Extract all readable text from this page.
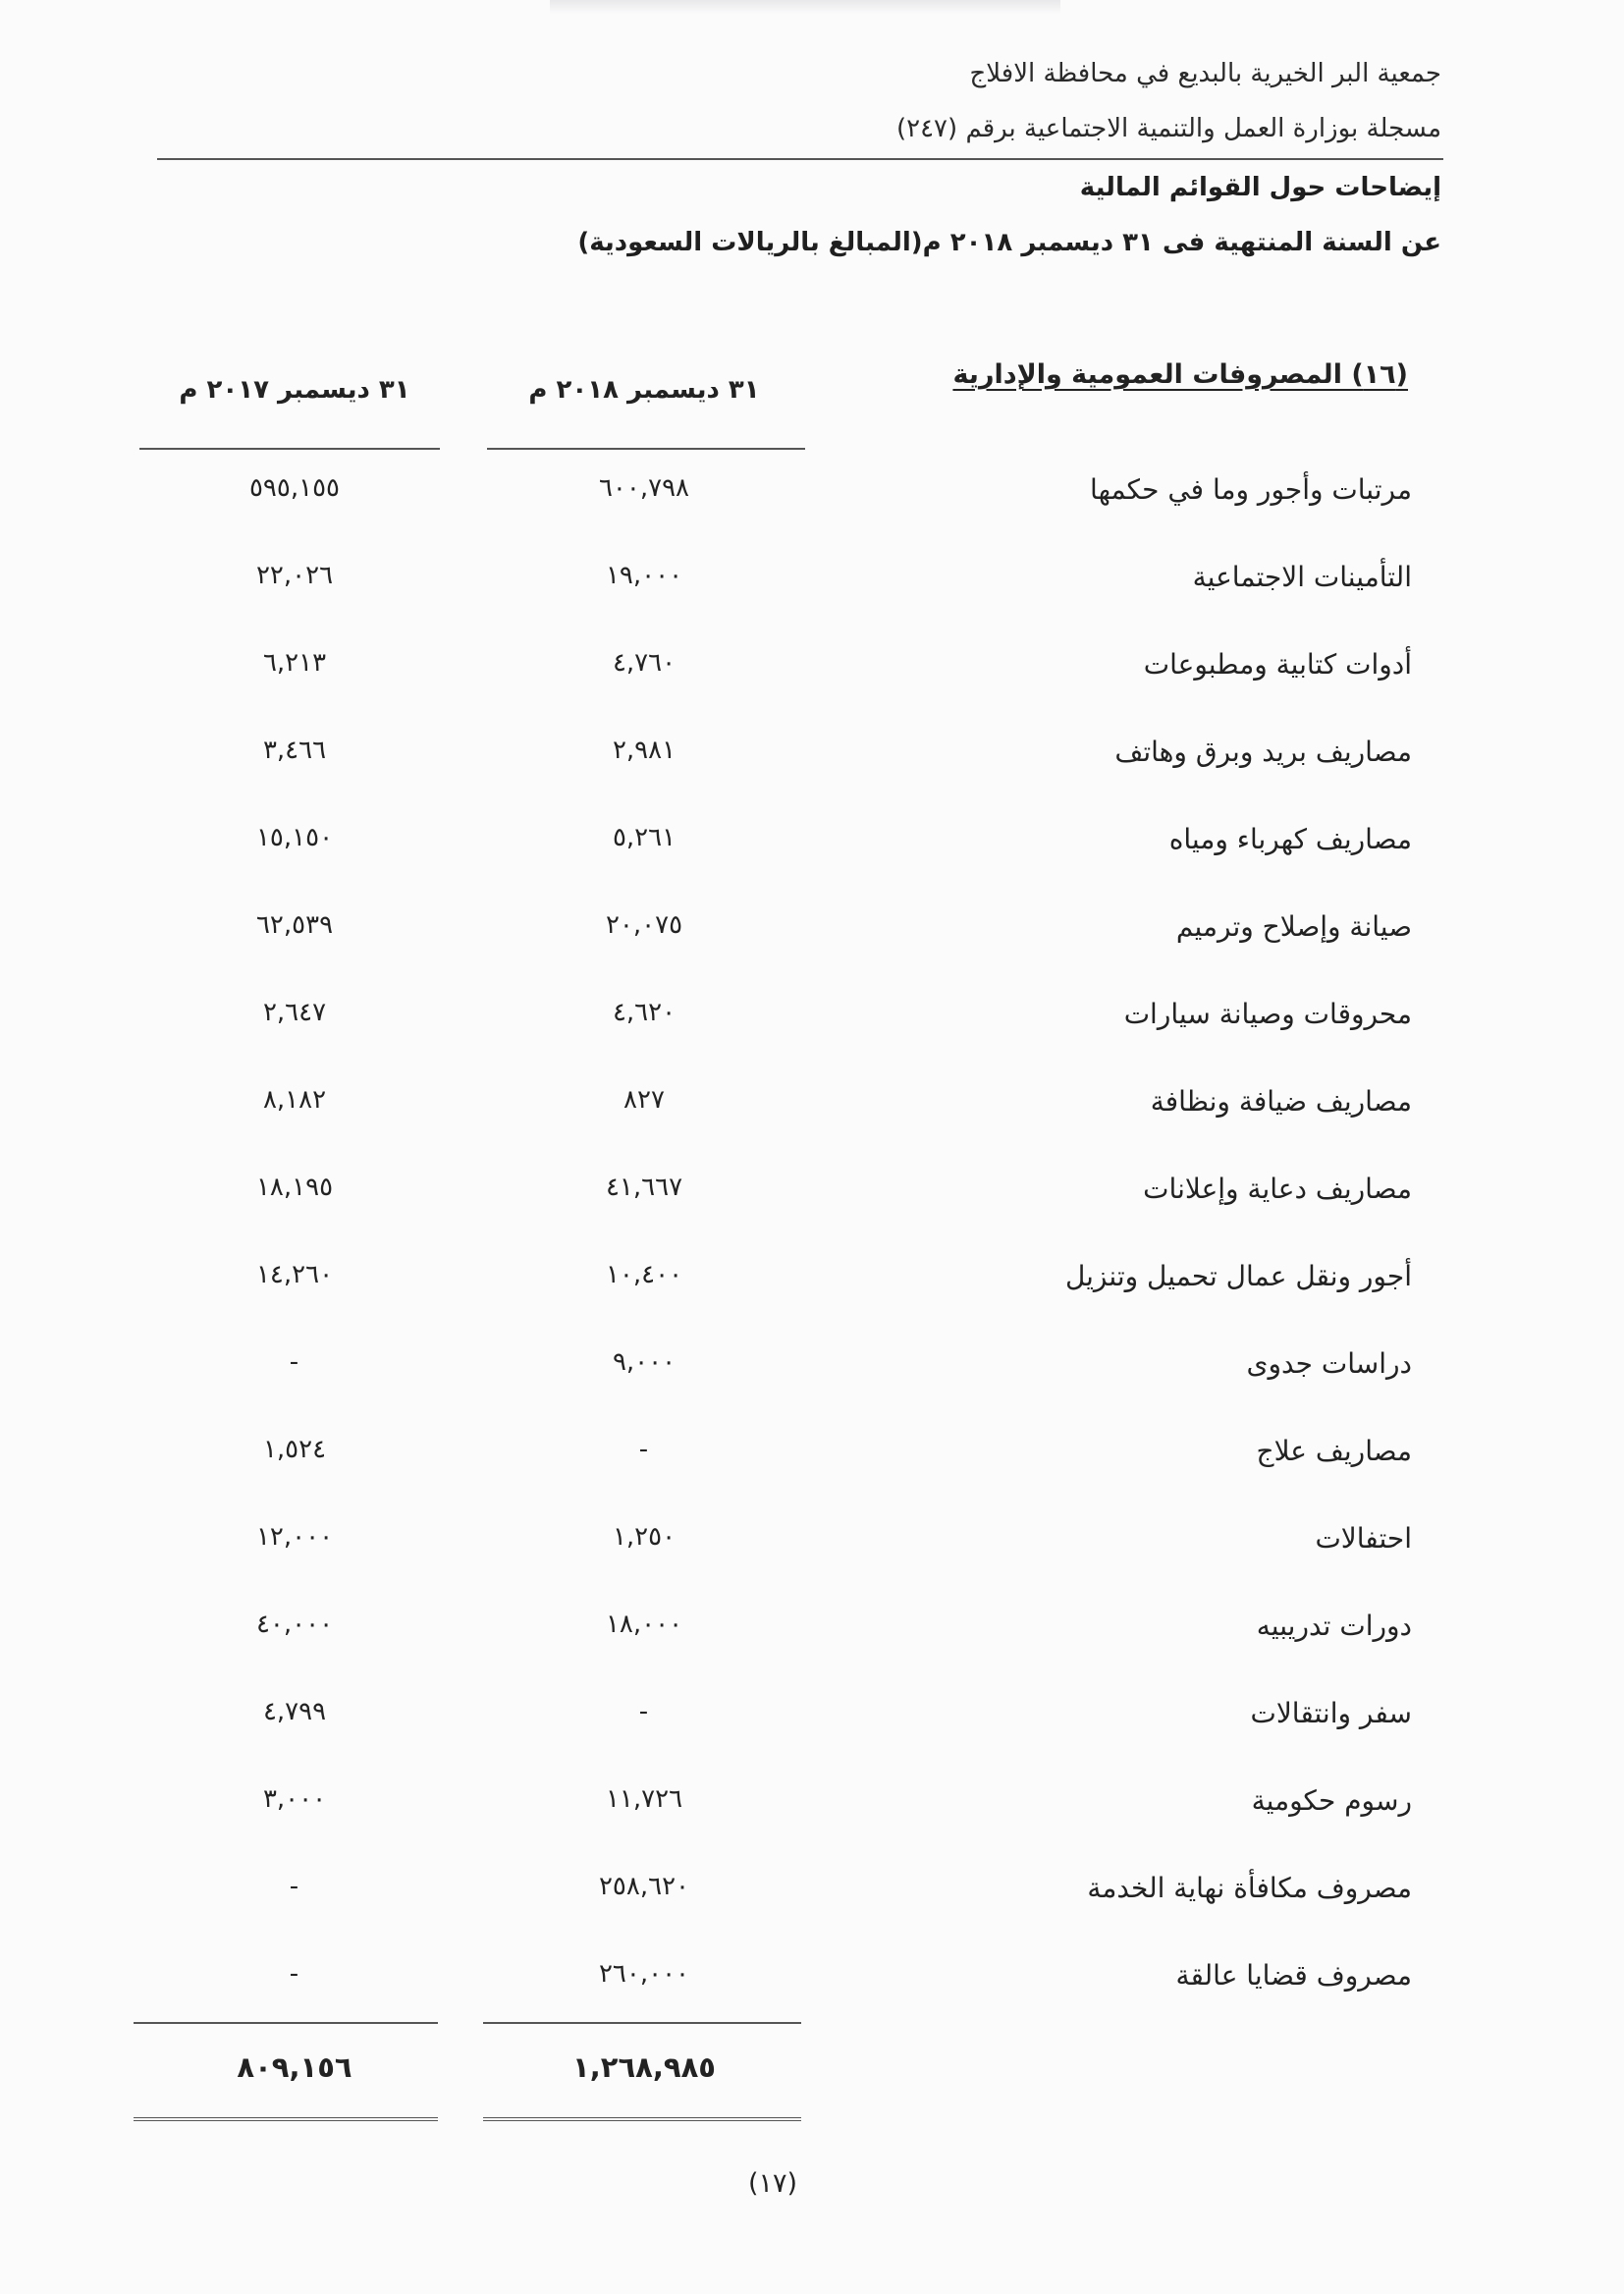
جمعية البر الخيرية بالبديع في محافظة الافلاج
مسجلة بوزارة العمل والتنمية الاجتماعية برقم (٢٤٧)
إيضاحات حول القوائم المالية
عن السنة المنتهية فى ٣١ ديسمبر ٢٠١٨ م(المبالغ بالريالات السعودية)
(١٦) المصروفات العمومية والإدارية
٣١ ديسمبر ٢٠١٨ م
٣١ ديسمبر ٢٠١٧ م
مرتبات وأجور وما في حكمها
٦٠٠,٧٩٨
٥٩٥,١٥٥
التأمينات الاجتماعية
١٩,٠٠٠
٢٢,٠٢٦
أدوات كتابية ومطبوعات
٤,٧٦٠
٦,٢١٣
مصاريف بريد وبرق وهاتف
٢,٩٨١
٣,٤٦٦
مصاريف كهرباء ومياه
٥,٢٦١
١٥,١٥٠
صيانة وإصلاح وترميم
٢٠,٠٧٥
٦٢,٥٣٩
محروقات وصيانة سيارات
٤,٦٢٠
٢,٦٤٧
مصاريف ضيافة ونظافة
٨٢٧
٨,١٨٢
مصاريف دعاية وإعلانات
٤١,٦٦٧
١٨,١٩٥
أجور ونقل عمال تحميل وتنزيل
١٠,٤٠٠
١٤,٢٦٠
دراسات جدوى
٩,٠٠٠
-
مصاريف علاج
-
١,٥٢٤
احتفالات
١,٢٥٠
١٢,٠٠٠
دورات تدريبيه
١٨,٠٠٠
٤٠,٠٠٠
سفر وانتقالات
-
٤,٧٩٩
رسوم حكومية
١١,٧٢٦
٣,٠٠٠
مصروف مكافأة نهاية الخدمة
٢٥٨,٦٢٠
-
مصروف قضايا عالقة
٢٦٠,٠٠٠
-
١,٢٦٨,٩٨٥
٨٠٩,١٥٦
(١٧)
